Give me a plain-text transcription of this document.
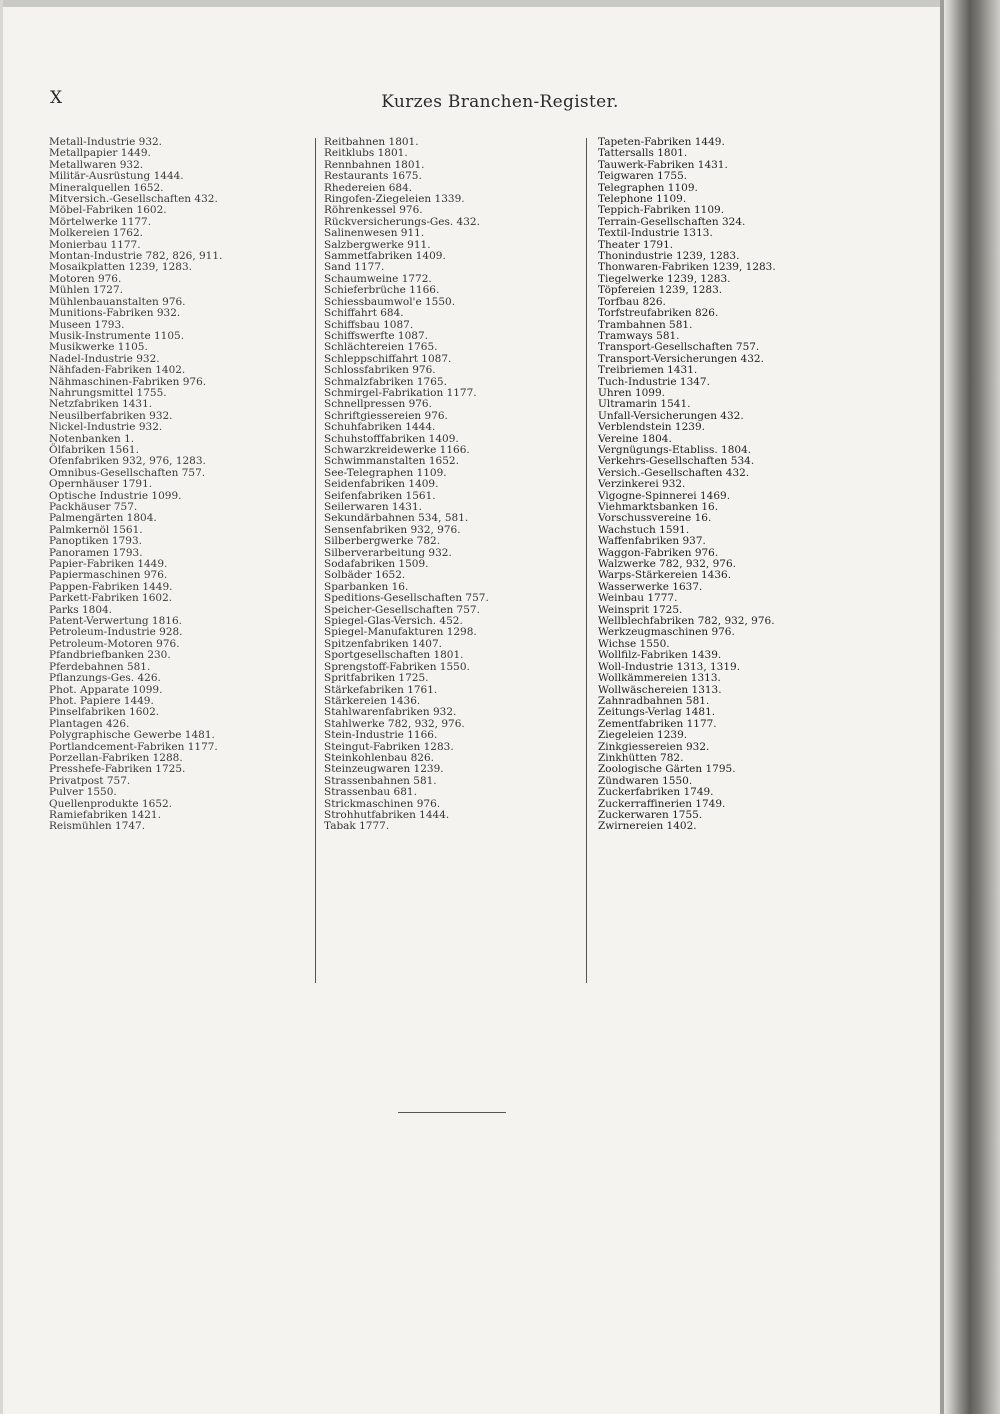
X	Kurzes Branchen-Register.
Metall-Industrie 932.
Metallpapier 1449.
Metallwaren 932.
Militär-Ausrüstung 1444.
Mineralquellen 1652.
Mitversich.-Gesellschaften 432.
Möbel-Fabriken 1602.
Mörtelwerke 1177.
Molkereien 1762.
Monierbau 1177.
Montan-Industrie 782, 826, 911.
Mosaikplatten 1239, 1283.
Motoren 976.
Mühlen 1727.
Mühlenbauanstalten 976.
Munitions-Fabriken 932.
Museen 1793.
Musik-Instrumente 1105.
Musikwerke 1105.
Nadel-Industrie 932.
Nähfaden-Fabriken 1402.
Nähmaschinen-Fabriken 976.
Nahrungsmittel 1755.
Netzfabriken 1431.
Neusilberfabriken 932.
Nickel-Industrie 932.
Notenbanken 1.
Ölfabriken 1561.
Ofenfabriken 932, 976, 1283.
Omnibus-Gesellschaften 757.
Opernhäuser 1791.
Optische Industrie 1099.
Packhäuser 757.
Palmengärten 1804.
Palmkernöl 1561.
Panoptiken 1793.
Panoramen 1793.
Papier-Fabriken 1449.
Papiermaschinen 976.
Pappen-Fabriken 1449.
Parkett-Fabriken 1602.
Parks 1804.
Patent-Verwertung 1816.
Petroleum-Industrie 928.
Petroleum-Motoren 976.
Pfandbriefbanken 230.
Pferdebahnen 581.
Pflanzungs-Ges. 426.
Phot. Apparate 1099.
Phot. Papiere 1449.
Pinselfabriken 1602.
Plantagen 426.
Polygraphische Gewerbe 1481.
Portlandcement-Fabriken 1177.
Porzellan-Fabriken 1288.
Presshefe-Fabriken 1725.
Privatpost 757.
Pulver 1550.
Quellenprodukte 1652.
Ramiefabriken 1421.
Reismühlen 1747.
Reitbahnen 1801.
Reitklubs 1801.
Rennbahnen 1801.
Restaurants 1675.
Rhedereien 684.
Ringofen-Ziegeleien 1339.
Röhrenkessel 976.
Rückversicherungs-Ges. 432.
Salinenwesen 911.
Salzbergwerke 911.
Sammetfabriken 1409.
Sand 1177.
Schaumweine 1772.
Schieferbrüche 1166.
Schiessbaumwol'e 1550.
Schiffahrt 684.
Schiffsbau 1087.
Schiffswerfte 1087.
Schlächtereien 1765.
Schleppschiffahrt 1087.
Schlossfabriken 976.
Schmalzfabriken 1765.
Schmirgel-Fabrikation 1177.
Schnellpressen 976.
Schriftgiessereien 976.
Schuhfabriken 1444.
Schuhstofffabriken 1409.
Schwarzkreidewerke 1166.
Schwimmanstalten 1652.
See-Telegraphen 1109.
Seidenfabriken 1409.
Seifenfabriken 1561.
Seilerwaren 1431.
Sekundärbahnen 534, 581.
Sensenfabriken 932, 976.
Silberbergwerke 782.
Silberverarbeitung 932.
Sodafabriken 1509.
Solbäder 1652.
Sparbanken 16.
Speditions-Gesellschaften 757.
Speicher-Gesellschaften 757.
Spiegel-Glas-Versich. 452.
Spiegel-Manufakturen 1298.
Spitzenfabriken 1407.
Sportgesellschaften 1801.
Sprengstoff-Fabriken 1550.
Spritfabriken 1725.
Stärkefabriken 1761.
Stärkereien 1436.
Stahlwarenfabriken 932.
Stahlwerke 782, 932, 976.
Stein-Industrie 1166.
Steingut-Fabriken 1283.
Steinkohlenbau 826.
Steinzeugwaren 1239.
Strassenbahnen 581.
Strassenbau 681.
Strickmaschinen 976.
Strohhutfabriken 1444.
Tabak 1777.
Tapeten-Fabriken 1449.
Tattersalls 1801.
Tauwerk-Fabriken 1431.
Teigwaren 1755.
Telegraphen 1109.
Telephone 1109.
Teppich-Fabriken 1109.
Terrain-Gesellschaften 324.
Textil-Industrie 1313.
Theater 1791.
Thonindustrie 1239, 1283.
Thonwaren-Fabriken 1239, 1283.
Tiegelwerke 1239, 1283.
Töpfereien 1239, 1283.
Torfbau 826.
Torfstreufabriken 826.
Trambahnen 581.
Tramways 581.
Transport-Gesellschaften 757.
Transport-Versicherungen 432.
Treibriemen 1431.
Tuch-Industrie 1347.
Uhren 1099.
Ultramarin 1541.
Unfall-Versicherungen 432.
Verblendstein 1239.
Vereine 1804.
Vergnügungs-Etabliss. 1804.
Verkehrs-Gesellschaften 534.
Versich.-Gesellschaften 432.
Verzinkerei 932.
Vigogne-Spinnerei 1469.
Viehmarktsbanken 16.
Vorschussvereine 16.
Wachstuch 1591.
Waffenfabriken 937.
Waggon-Fabriken 976.
Walzwerke 782, 932, 976.
Warps-Stärkereien 1436.
Wasserwerke 1637.
Weinbau 1777.
Weinsprit 1725.
Wellblechfabriken 782, 932, 976.
Werkzeugmaschinen 976.
Wichse 1550.
Wollfilz-Fabriken 1439.
Woll-Industrie 1313, 1319.
Wollkämmereien 1313.
Wollwäschereien 1313.
Zahnradbahnen 581.
Zeitungs-Verlag 1481.
Zementfabriken 1177.
Ziegeleien 1239.
Zinkgiessereien 932.
Zinkhütten 782.
Zoologische Gärten 1795.
Zündwaren 1550.
Zuckerfabriken 1749.
Zuckerraffinerien 1749.
Zuckerwaren 1755.
Zwirnereien 1402.
